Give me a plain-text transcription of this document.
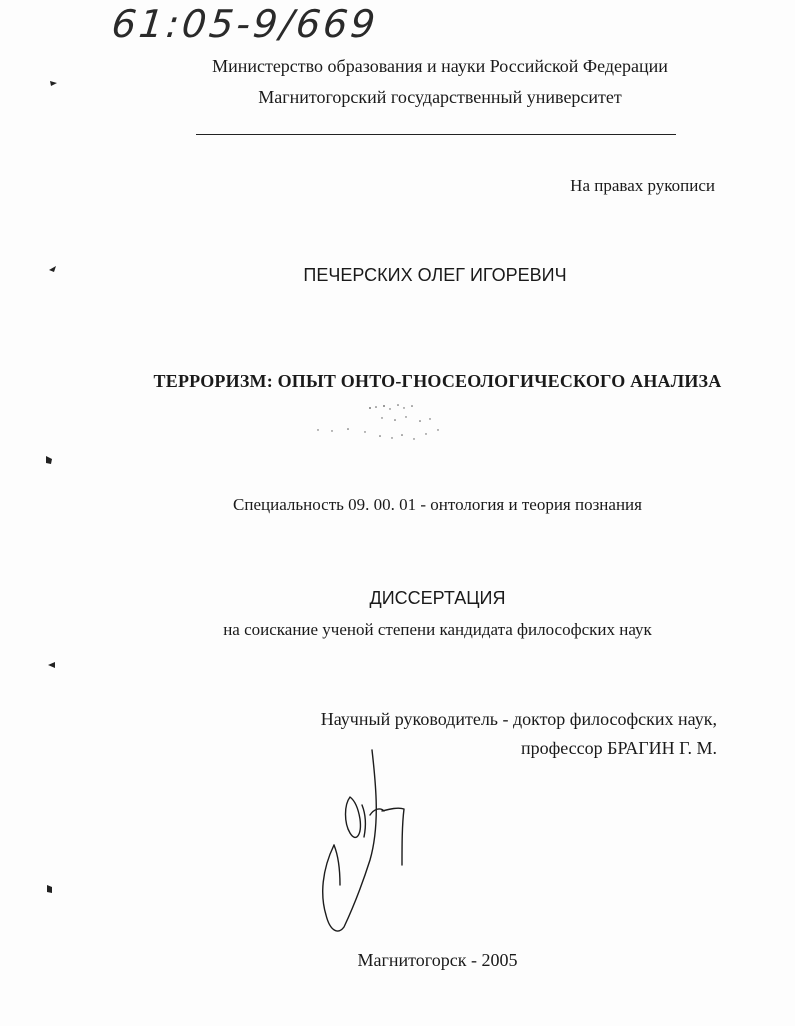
61:05-9/669
Министерство образования и науки Российской Федерации
Магнитогорский государственный университет
На правах рукописи
ПЕЧЕРСКИХ ОЛЕГ ИГОРЕВИЧ
ТЕРРОРИЗМ: ОПЫТ ОНТО-ГНОСЕОЛОГИЧЕСКОГО АНАЛИЗА
Специальность 09. 00. 01 - онтология и теория познания
ДИССЕРТАЦИЯ
на соискание ученой степени кандидата философских наук
Научный руководитель - доктор философских наук,
профессор БРАГИН Г. М.
Магнитогорск - 2005
